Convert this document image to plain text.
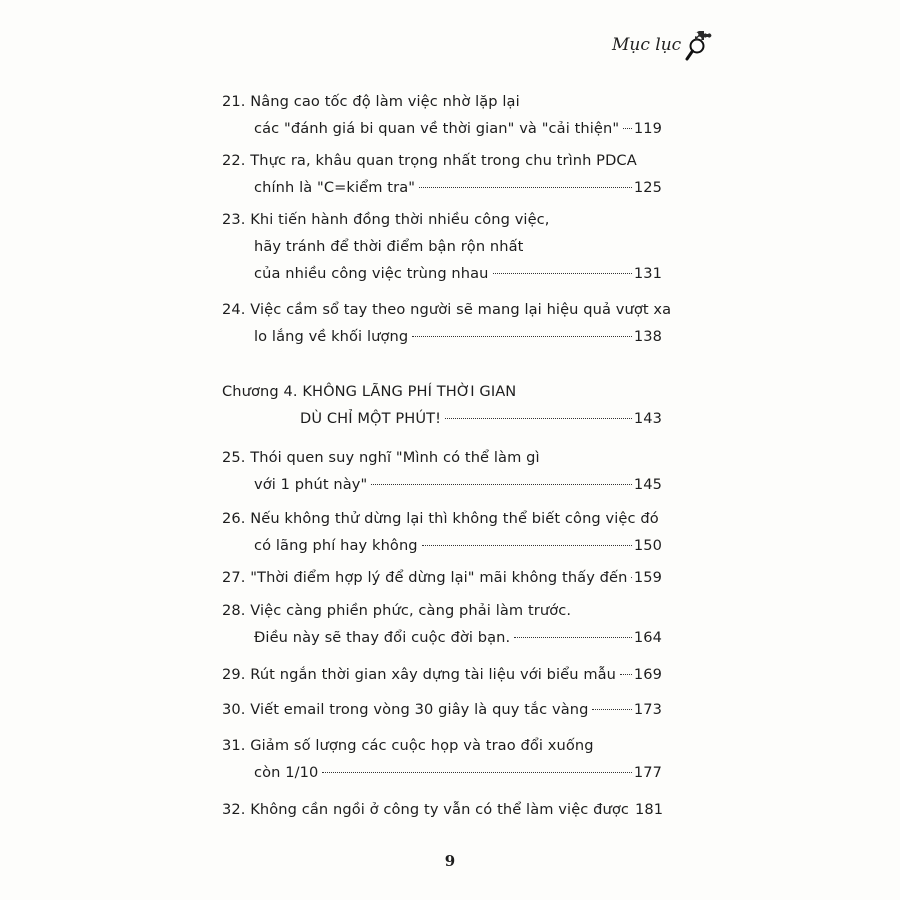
Mục lục
21. Nâng cao tốc độ làm việc nhờ lặp lại
các "đánh giá bi quan về thời gian" và "cải thiện" 119
22. Thực ra, khâu quan trọng nhất trong chu trình PDCA
chính là "C=kiểm tra"	125
23. Khi tiến hành đồng thời nhiều công việc,
hãy tránh để thời điểm bận rộn nhất
của nhiều công việc trùng nhau	131
24. Việc cầm sổ tay theo người sẽ mang lại hiệu quả vượt xa
lo lắng về khối lượng	138
Chương 4. KHÔNG LÃNG PHÍ THỜI GIAN
DÙ CHỈ MỘT PHÚT!	143
25. Thói quen suy nghĩ "Mình có thể làm gì
với 1 phút này"	145
26. Nếu không thử dừng lại thì không thể biết công việc đó
có lãng phí hay không	150
27. "Thời điểm hợp lý để dừng lại" mãi không thấy đến 159
28. Việc càng phiền phức, càng phải làm trước.
Điều này sẽ thay đổi cuộc đời bạn.	164
29. Rút ngắn thời gian xây dựng tài liệu với biểu mẫu 169
30. Viết email trong vòng 30 giây là quy tắc vàng	173
31. Giảm số lượng các cuộc họp và trao đổi xuống
còn 1/10	177
32. Không cần ngồi ở công ty vẫn có thể làm việc được 181
9
